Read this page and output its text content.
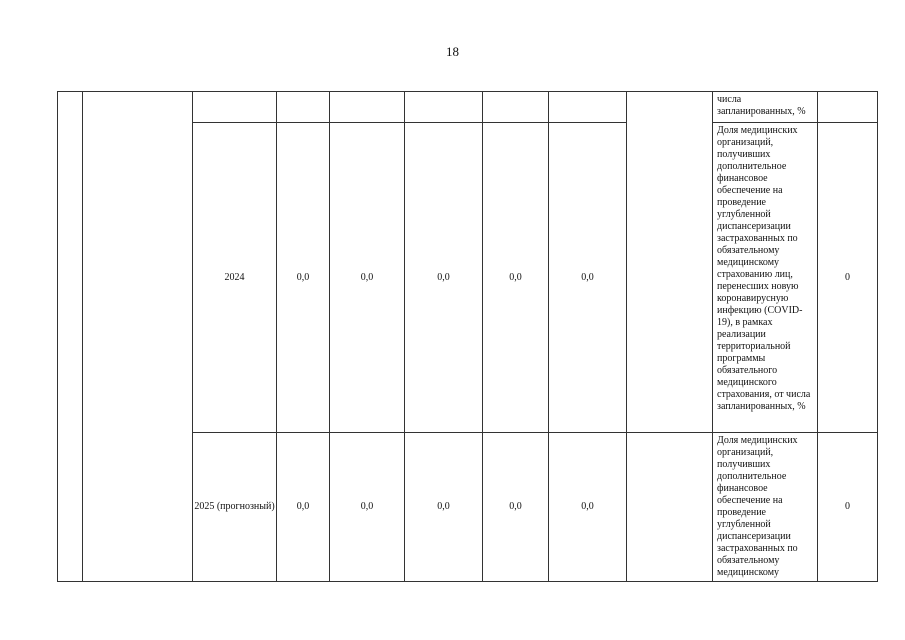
18
									числа запланированных, %	
		2024	0,0	0,0	0,0	0,0	0,0		Доля медицинских организаций, получивших дополнительное финансовое обеспечение на проведение углубленной диспансеризации застрахованных по обязательному медицинскому страхованию лиц, перенесших новую коронавирусную инфекцию (COVID-19), в рамках реализации территориальной программы обязательного медицинского страхования, от числа запланированных, %	0
		2025 (прогнозный)	0,0	0,0	0,0	0,0	0,0		Доля медицинских организаций, получивших дополнительное финансовое обеспечение на проведение углубленной диспансеризации застрахованных по обязательному медицинскому	0
